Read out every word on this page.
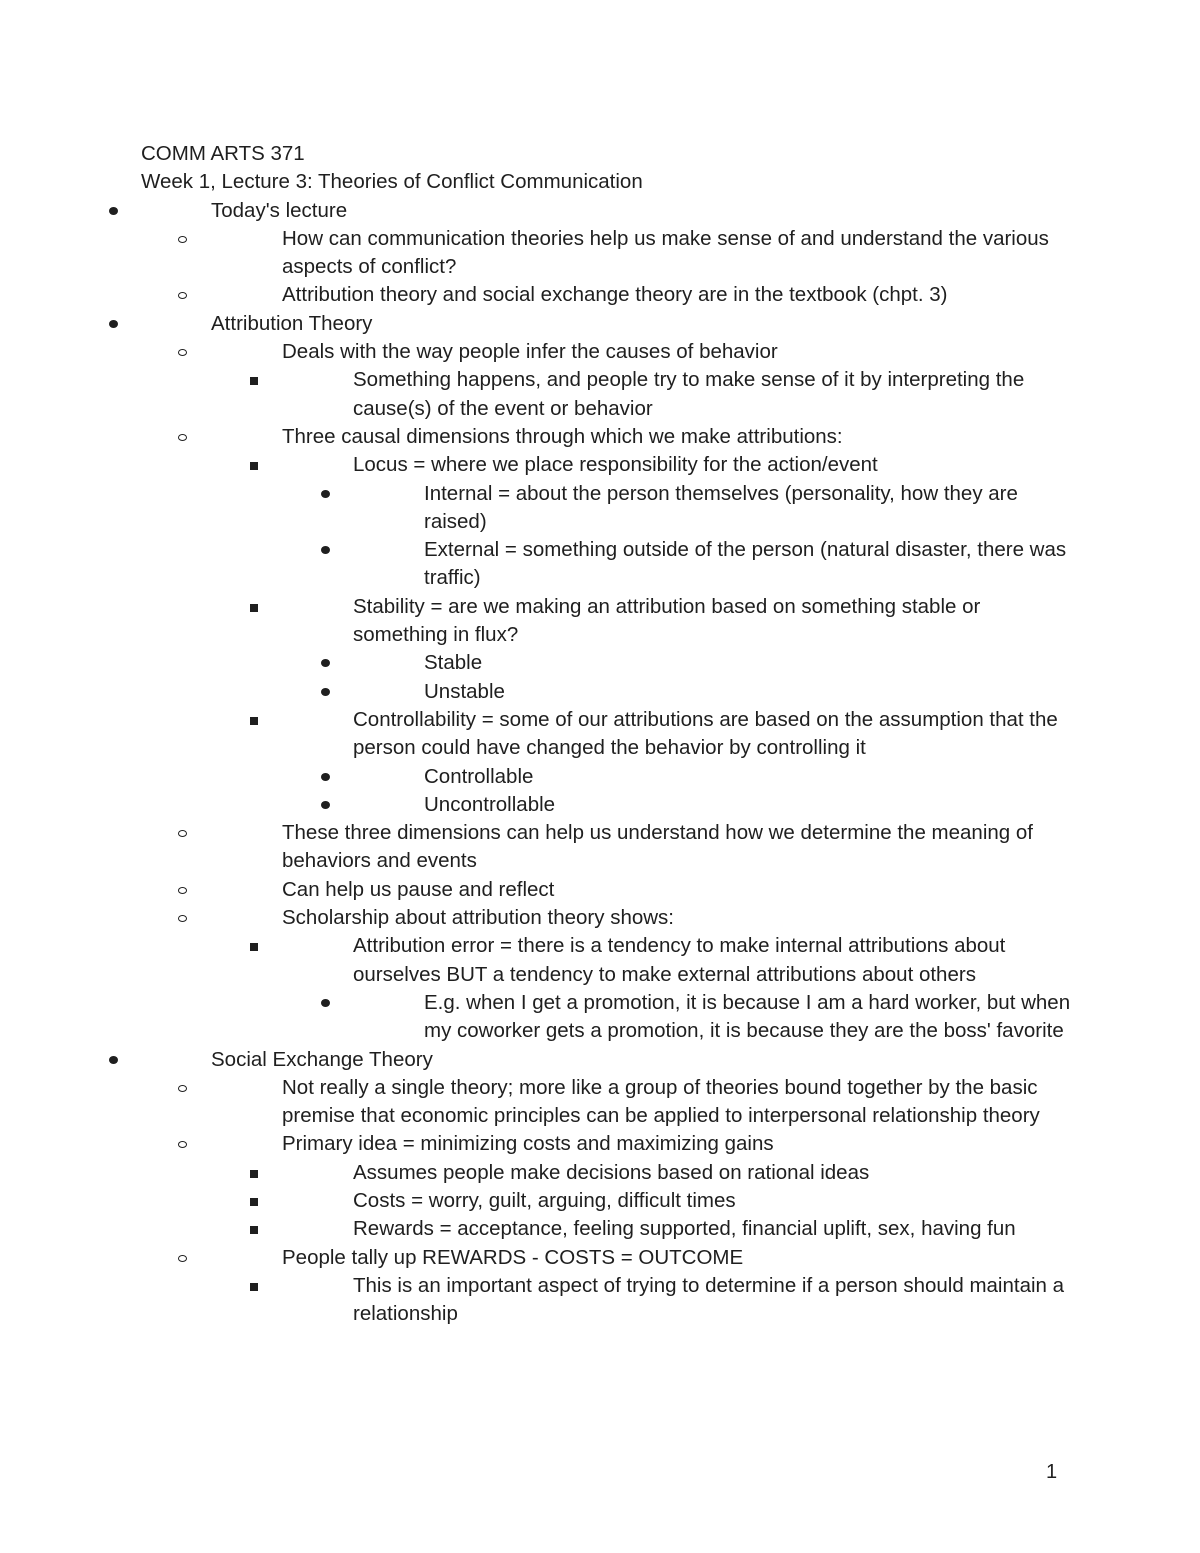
COMM ARTS 371

Week 1, Lecture 3: Theories of Conflict Communication

Today's lecture
How can communication theories help us make sense of and understand the various aspects of conflict?
Attribution theory and social exchange theory are in the textbook (chpt. 3)
Attribution Theory
Deals with the way people infer the causes of behavior
Something happens, and people try to make sense of it by interpreting the cause(s) of the event or behavior
Three causal dimensions through which we make attributions:
Locus = where we place responsibility for the action/event
Internal = about the person themselves (personality, how they are raised)
External = something outside of the person (natural disaster, there was traffic)
Stability = are we making an attribution based on something stable or something in flux?
Stable
Unstable
Controllability = some of our attributions are based on the assumption that the person could have changed the behavior by controlling it
Controllable
Uncontrollable
These three dimensions can help us understand how we determine the meaning of behaviors and events
Can help us pause and reflect
Scholarship about attribution theory shows:
Attribution error = there is a tendency to make internal attributions about ourselves BUT a tendency to make external attributions about others
E.g. when I get a promotion, it is because I am a hard worker, but when my coworker gets a promotion, it is because they are the boss' favorite
Social Exchange Theory
Not really a single theory; more like a group of theories bound together by the basic premise that economic principles can be applied to interpersonal relationship theory
Primary idea = minimizing costs and maximizing gains
Assumes people make decisions based on rational ideas
Costs = worry, guilt, arguing, difficult times
Rewards = acceptance, feeling supported, financial uplift, sex, having fun
People tally up REWARDS - COSTS = OUTCOME
This is an important aspect of trying to determine if a person should maintain a relationship
1
